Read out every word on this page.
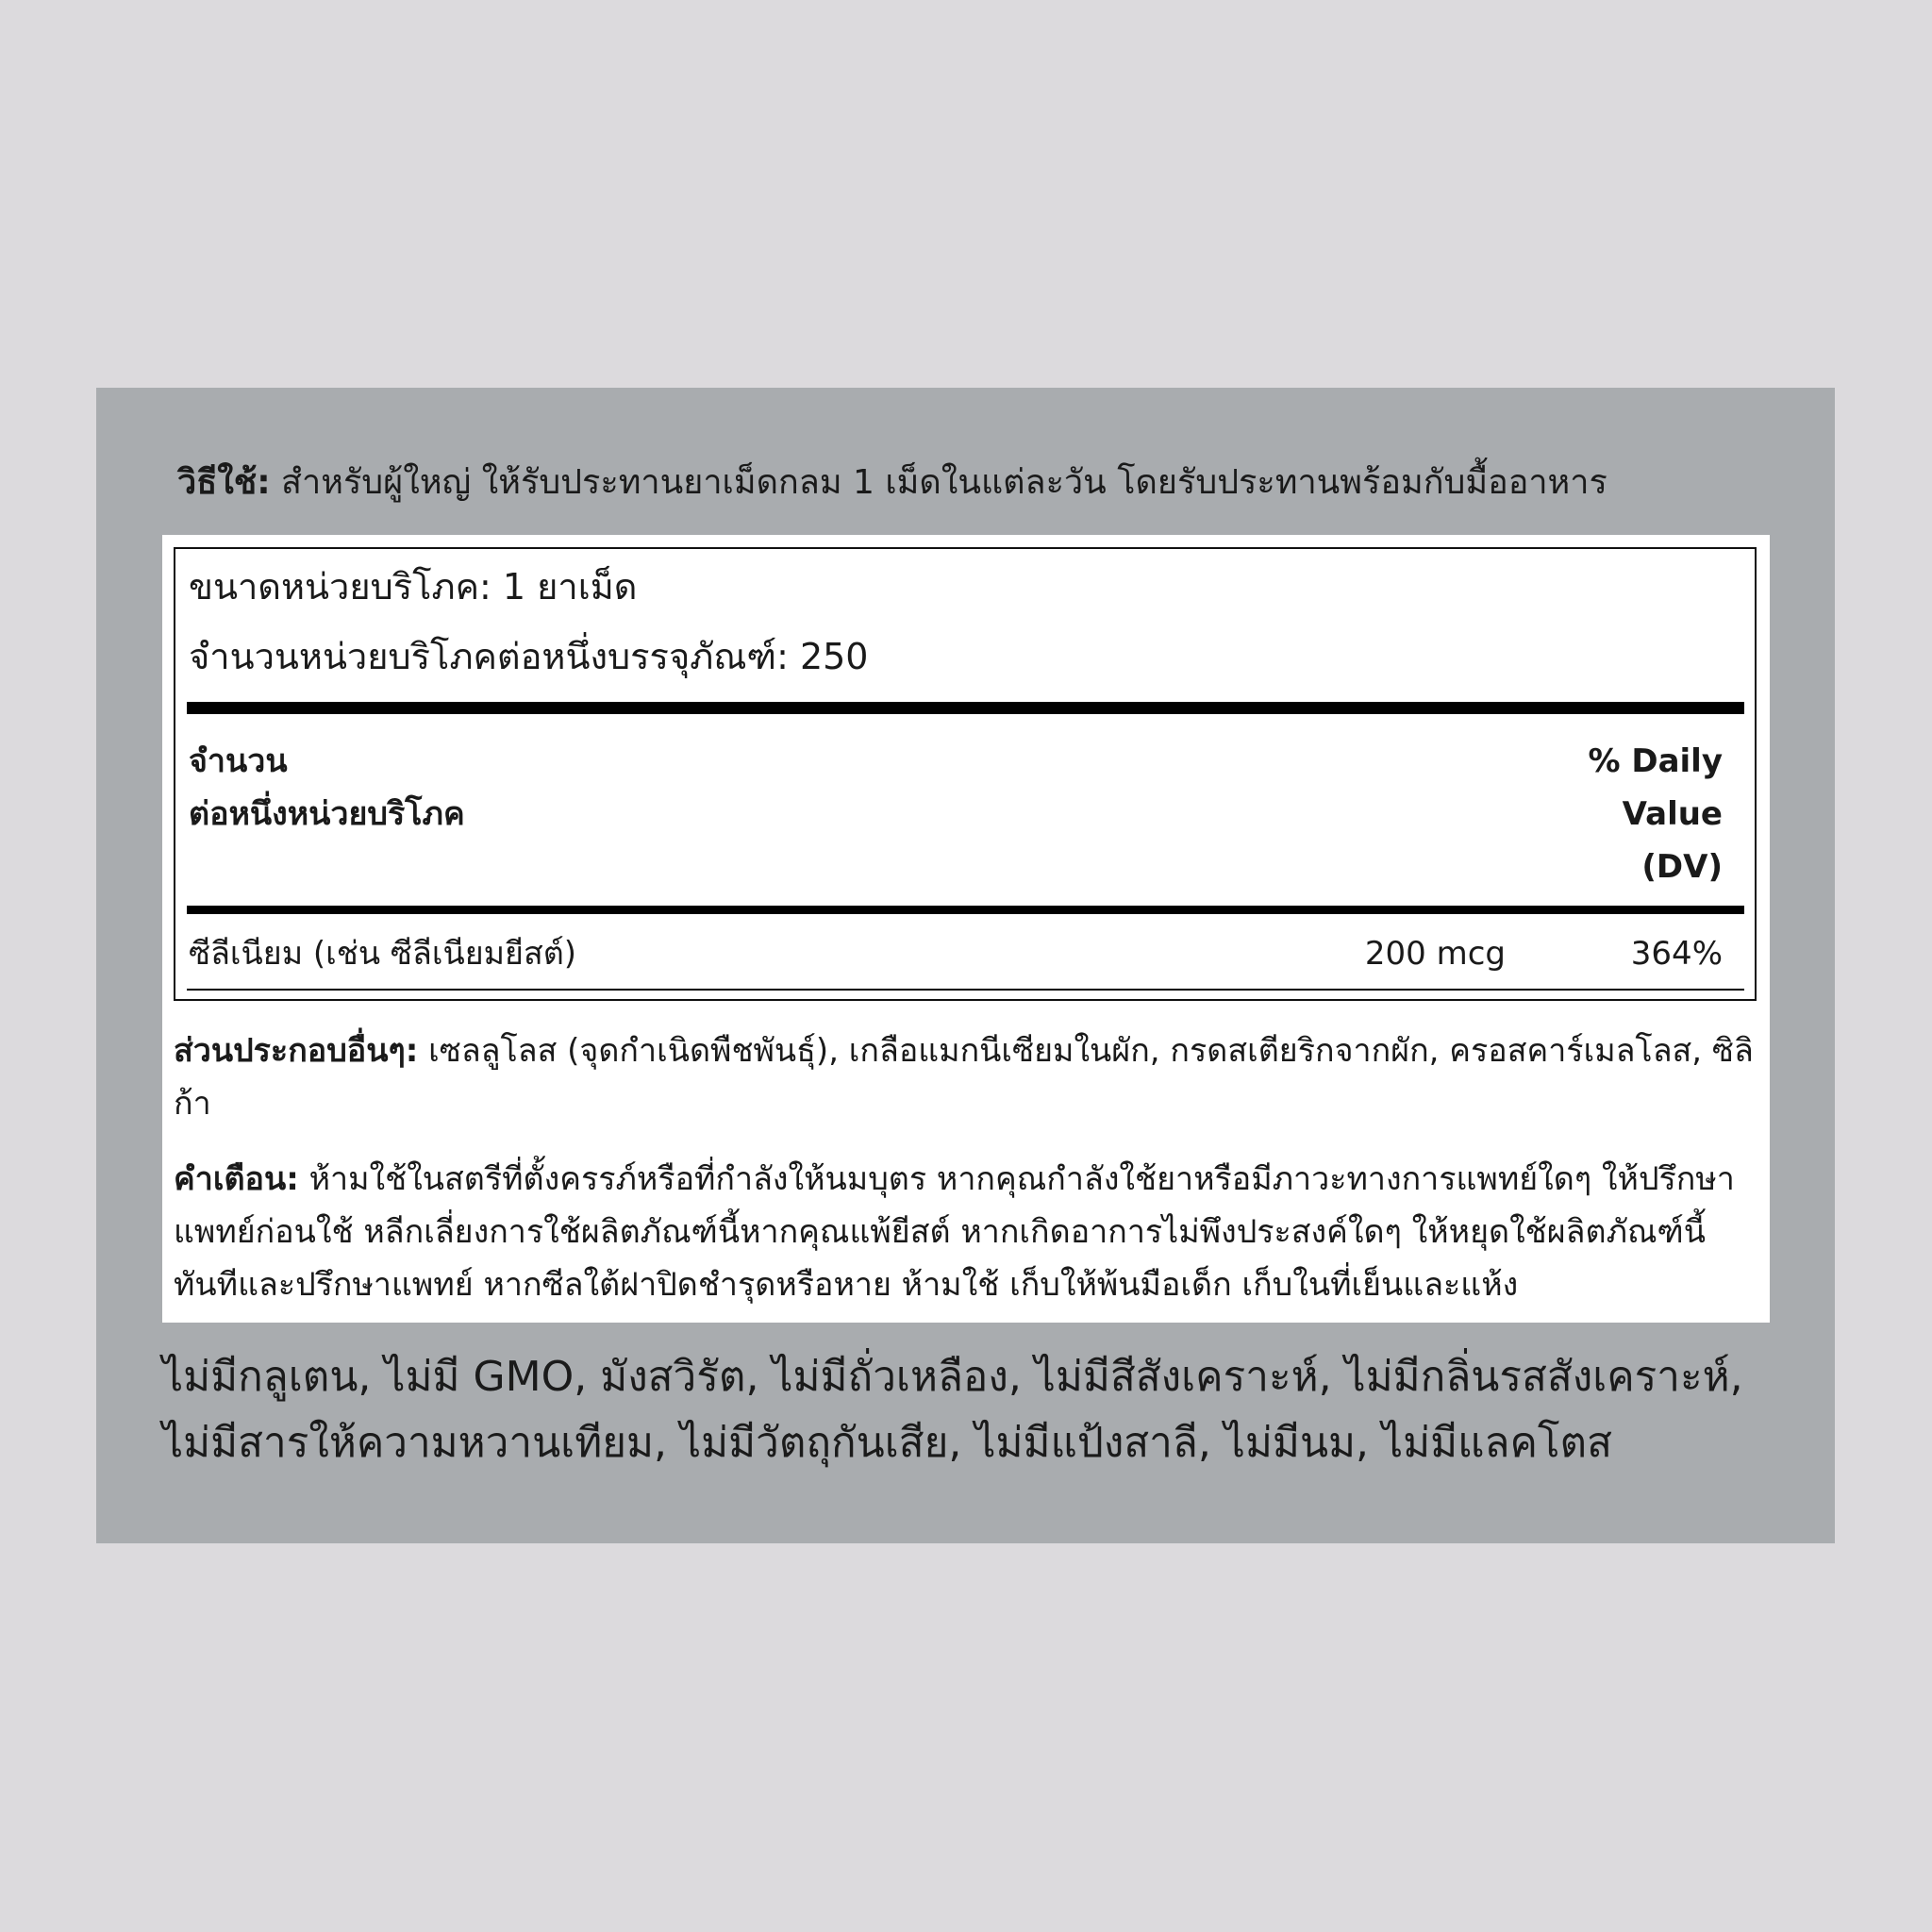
วิธีใช้: สำหรับผู้ใหญ่ ให้รับประทานยาเม็ดกลม 1 เม็ดในแต่ละวัน โดยรับประทานพร้อมกับมื้ออาหาร
ขนาดหน่วยบริโภค: 1 ยาเม็ด
จำนวนหน่วยบริโภคต่อหนึ่งบรรจุภัณฑ์: 250
จำนวน
ต่อหนึ่งหน่วยบริโภค
% Daily
Value
(DV)
ซีลีเนียม (เช่น ซีลีเนียมยีสต์)	200 mcg	364%
ส่วนประกอบอื่นๆ: เซลลูโลส (จุดกำเนิดพืชพันธุ์), เกลือแมกนีเซียมในผัก, กรดสเตียริกจากผัก, ครอสคาร์เมลโลส, ซิลิก้า
คำเตือน: ห้ามใช้ในสตรีที่ตั้งครรภ์หรือที่กำลังให้นมบุตร หากคุณกำลังใช้ยาหรือมีภาวะทางการแพทย์ใดๆ ให้ปรึกษาแพทย์ก่อนใช้ หลีกเลี่ยงการใช้ผลิตภัณฑ์นี้หากคุณแพ้ยีสต์ หากเกิดอาการไม่พึงประสงค์ใดๆ ให้หยุดใช้ผลิตภัณฑ์นี้ทันทีและปรึกษาแพทย์ หากซีลใต้ฝาปิดชำรุดหรือหาย ห้ามใช้ เก็บให้พ้นมือเด็ก เก็บในที่เย็นและแห้ง
ไม่มีกลูเตน, ไม่มี GMO, มังสวิรัต, ไม่มีถั่วเหลือง, ไม่มีสีสังเคราะห์, ไม่มีกลิ่นรสสังเคราะห์, ไม่มีสารให้ความหวานเทียม, ไม่มีวัตถุกันเสีย, ไม่มีแป้งสาลี, ไม่มีนม, ไม่มีแลคโตส
